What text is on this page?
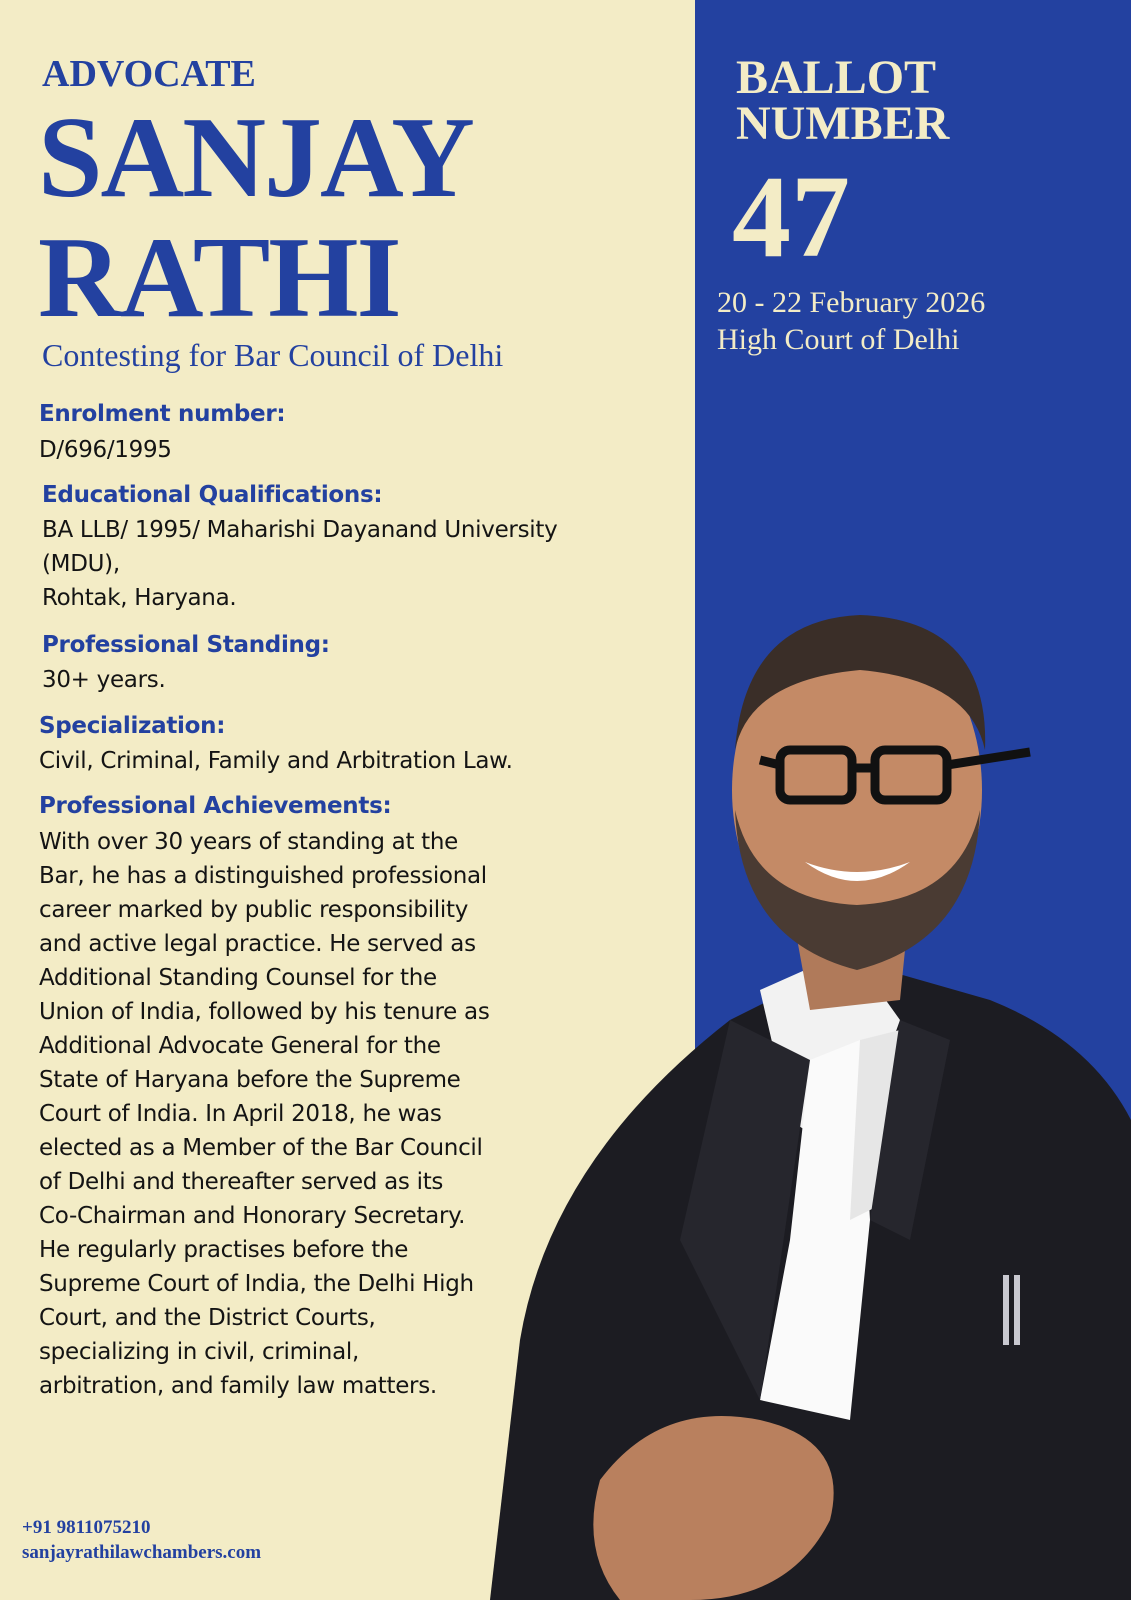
ADVOCATE
SANJAY
RATHI
Contesting for Bar Council of Delhi
BALLOT
NUMBER
47
20 - 22 February 2026
High Court of Delhi
Enrolment number:
D/696/1995
Educational Qualifications:
BA LLB/ 1995/ Maharishi Dayanand University
(MDU),
Rohtak, Haryana.
Professional Standing:
30+ years.
Specialization:
Civil, Criminal, Family and Arbitration Law.
Professional Achievements:
With over 30 years of standing at the
Bar, he has a distinguished professional
career marked by public responsibility
and active legal practice. He served as
Additional Standing Counsel for the
Union of India, followed by his tenure as
Additional Advocate General for the
State of Haryana before the Supreme
Court of India. In April 2018, he was
elected as a Member of the Bar Council
of Delhi and thereafter served as its
Co-Chairman and Honorary Secretary.
He regularly practises before the
Supreme Court of India, the Delhi High
Court, and the District Courts,
specializing in civil, criminal,
arbitration, and family law matters.
+91 9811075210
sanjayrathilawchambers.com
